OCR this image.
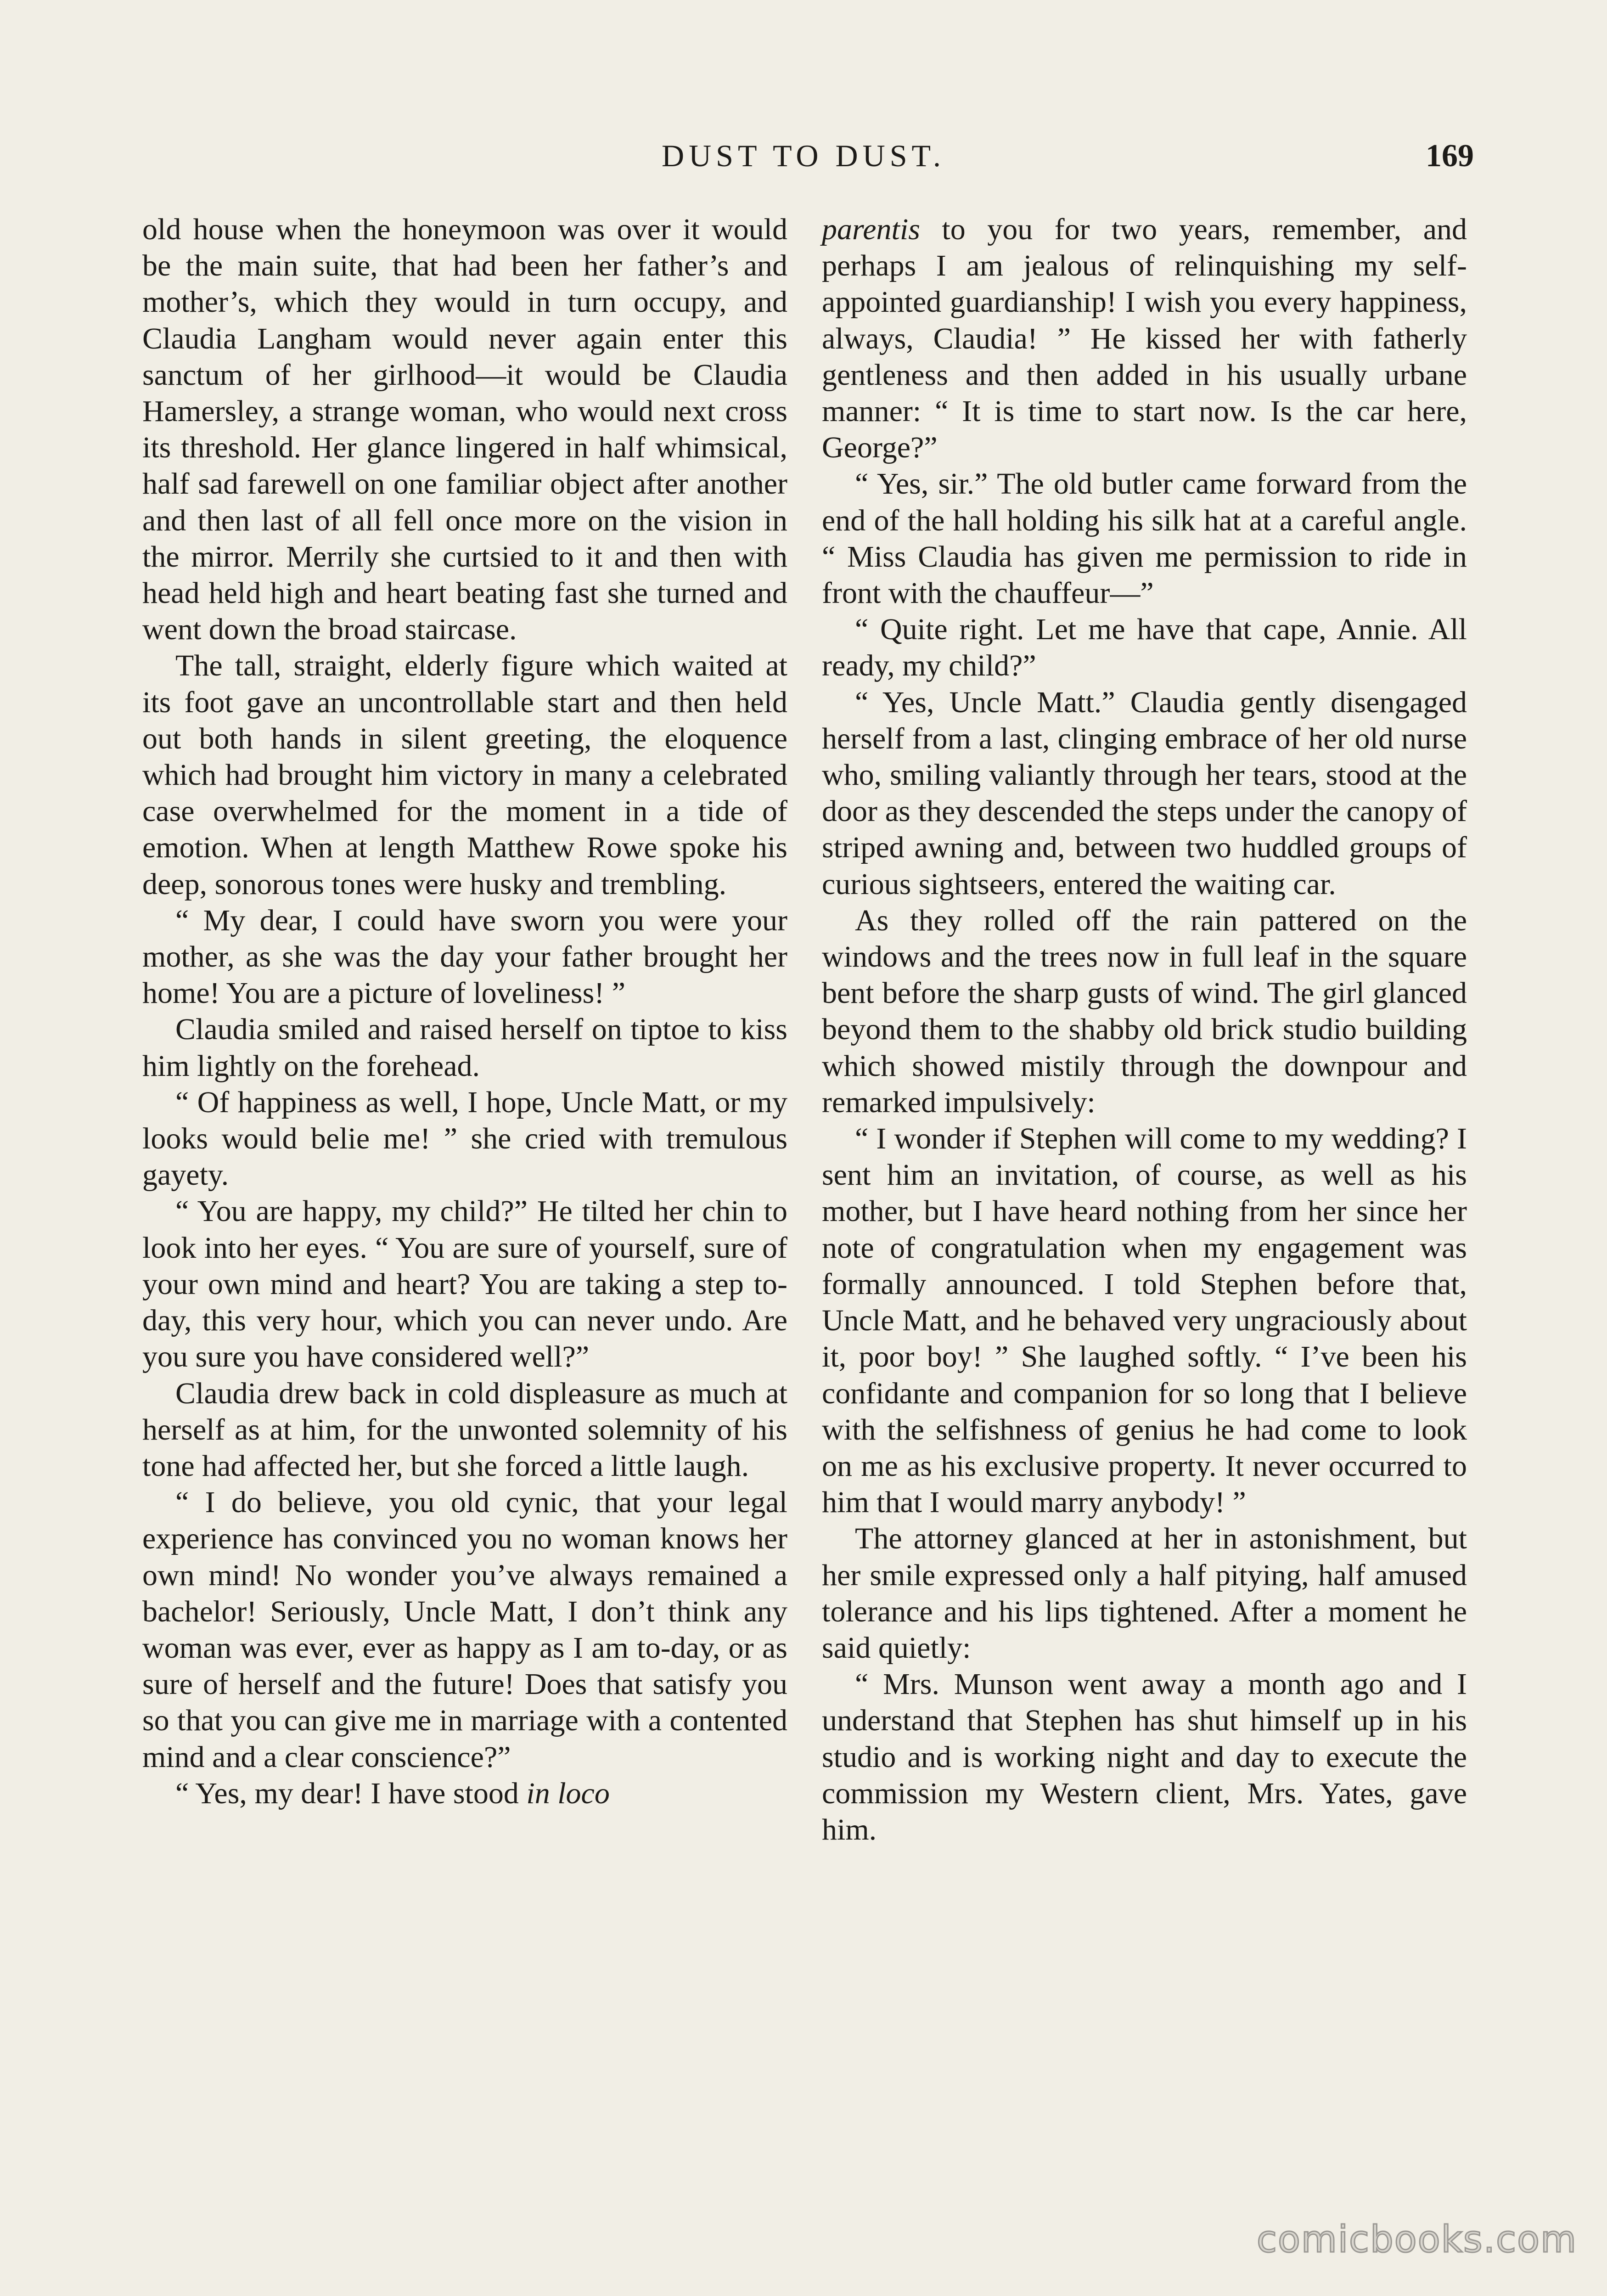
DUST TO DUST.	169

old house when the honeymoon was over it would be the main suite, that had been her father’s and mother’s, which they would in turn occupy, and Claudia Langham would never again enter this sanctum of her girlhood—it would be Claudia Hamersley, a strange woman, who would next cross its threshold. Her glance lingered in half whimsical, half sad farewell on one familiar object after another and then last of all fell once more on the vision in the mirror. Merrily she curtsied to it and then with head held high and heart beating fast she turned and went down the broad staircase.

The tall, straight, elderly figure which waited at its foot gave an uncontrollable start and then held out both hands in silent greeting, the eloquence which had brought him victory in many a celebrated case overwhelmed for the moment in a tide of emotion. When at length Matthew Rowe spoke his deep, sonorous tones were husky and trembling.

“ My dear, I could have sworn you were your mother, as she was the day your father brought her home! You are a picture of loveliness! ”

Claudia smiled and raised herself on tiptoe to kiss him lightly on the forehead.

“ Of happiness as well, I hope, Uncle Matt, or my looks would belie me! ” she cried with tremulous gayety.

“ You are happy, my child?” He tilted her chin to look into her eyes. “ You are sure of yourself, sure of your own mind and heart? You are taking a step to-day, this very hour, which you can never undo. Are you sure you have considered well?”

Claudia drew back in cold displeasure as much at herself as at him, for the unwonted solemnity of his tone had affected her, but she forced a little laugh.

“ I do believe, you old cynic, that your legal experience has convinced you no woman knows her own mind! No wonder you’ve always remained a bachelor! Seriously, Uncle Matt, I don’t think any woman was ever, ever as happy as I am to-day, or as sure of herself and the future! Does that satisfy you so that you can give me in marriage with a contented mind and a clear conscience?”

“ Yes, my dear! I have stood in loco

parentis to you for two years, remember, and perhaps I am jealous of relinquishing my self-appointed guardianship! I wish you every happiness, always, Claudia! ” He kissed her with fatherly gentleness and then added in his usually urbane manner: “ It is time to start now. Is the car here, George?”

“ Yes, sir.” The old butler came forward from the end of the hall holding his silk hat at a careful angle. “ Miss Claudia has given me permission to ride in front with the chauffeur—”

“ Quite right. Let me have that cape, Annie. All ready, my child?”

“ Yes, Uncle Matt.” Claudia gently disengaged herself from a last, clinging embrace of her old nurse who, smiling valiantly through her tears, stood at the door as they descended the steps under the canopy of striped awning and, between two huddled groups of curious sightseers, entered the waiting car.

As they rolled off the rain pattered on the windows and the trees now in full leaf in the square bent before the sharp gusts of wind. The girl glanced beyond them to the shabby old brick studio building which showed mistily through the downpour and remarked impulsively:

“ I wonder if Stephen will come to my wedding? I sent him an invitation, of course, as well as his mother, but I have heard nothing from her since her note of congratulation when my engagement was formally announced. I told Stephen before that, Uncle Matt, and he behaved very ungraciously about it, poor boy! ” She laughed softly. “ I’ve been his confidante and companion for so long that I believe with the selfishness of genius he had come to look on me as his exclusive property. It never occurred to him that I would marry anybody! ”

The attorney glanced at her in astonishment, but her smile expressed only a half pitying, half amused tolerance and his lips tightened. After a moment he said quietly:

“ Mrs. Munson went away a month ago and I understand that Stephen has shut himself up in his studio and is working night and day to execute the commission my Western client, Mrs. Yates, gave him.

comicbooks.com
